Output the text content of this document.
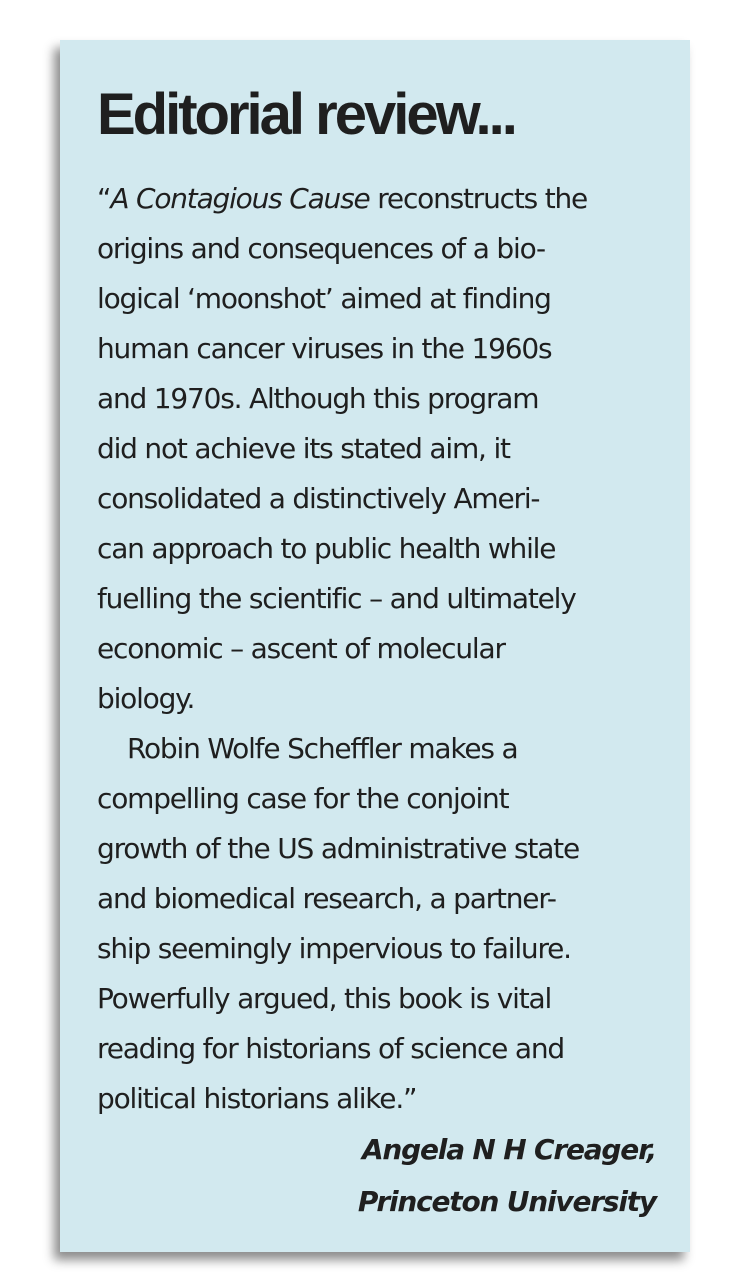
Editorial review...
“A Contagious Cause reconstructs the
origins and consequences of a bio-
logical ‘moonshot’ aimed at finding
human cancer viruses in the 1960s
and 1970s. Although this program
did not achieve its stated aim, it
consolidated a distinctively Ameri-
can approach to public health while
fuelling the scientific – and ultimately
economic – ascent of molecular
biology.
Robin Wolfe Scheffler makes a
compelling case for the conjoint
growth of the US administrative state
and biomedical research, a partner-
ship seemingly impervious to failure.
Powerfully argued, this book is vital
reading for historians of science and
political historians alike.”
Angela N H Creager,
Princeton University
